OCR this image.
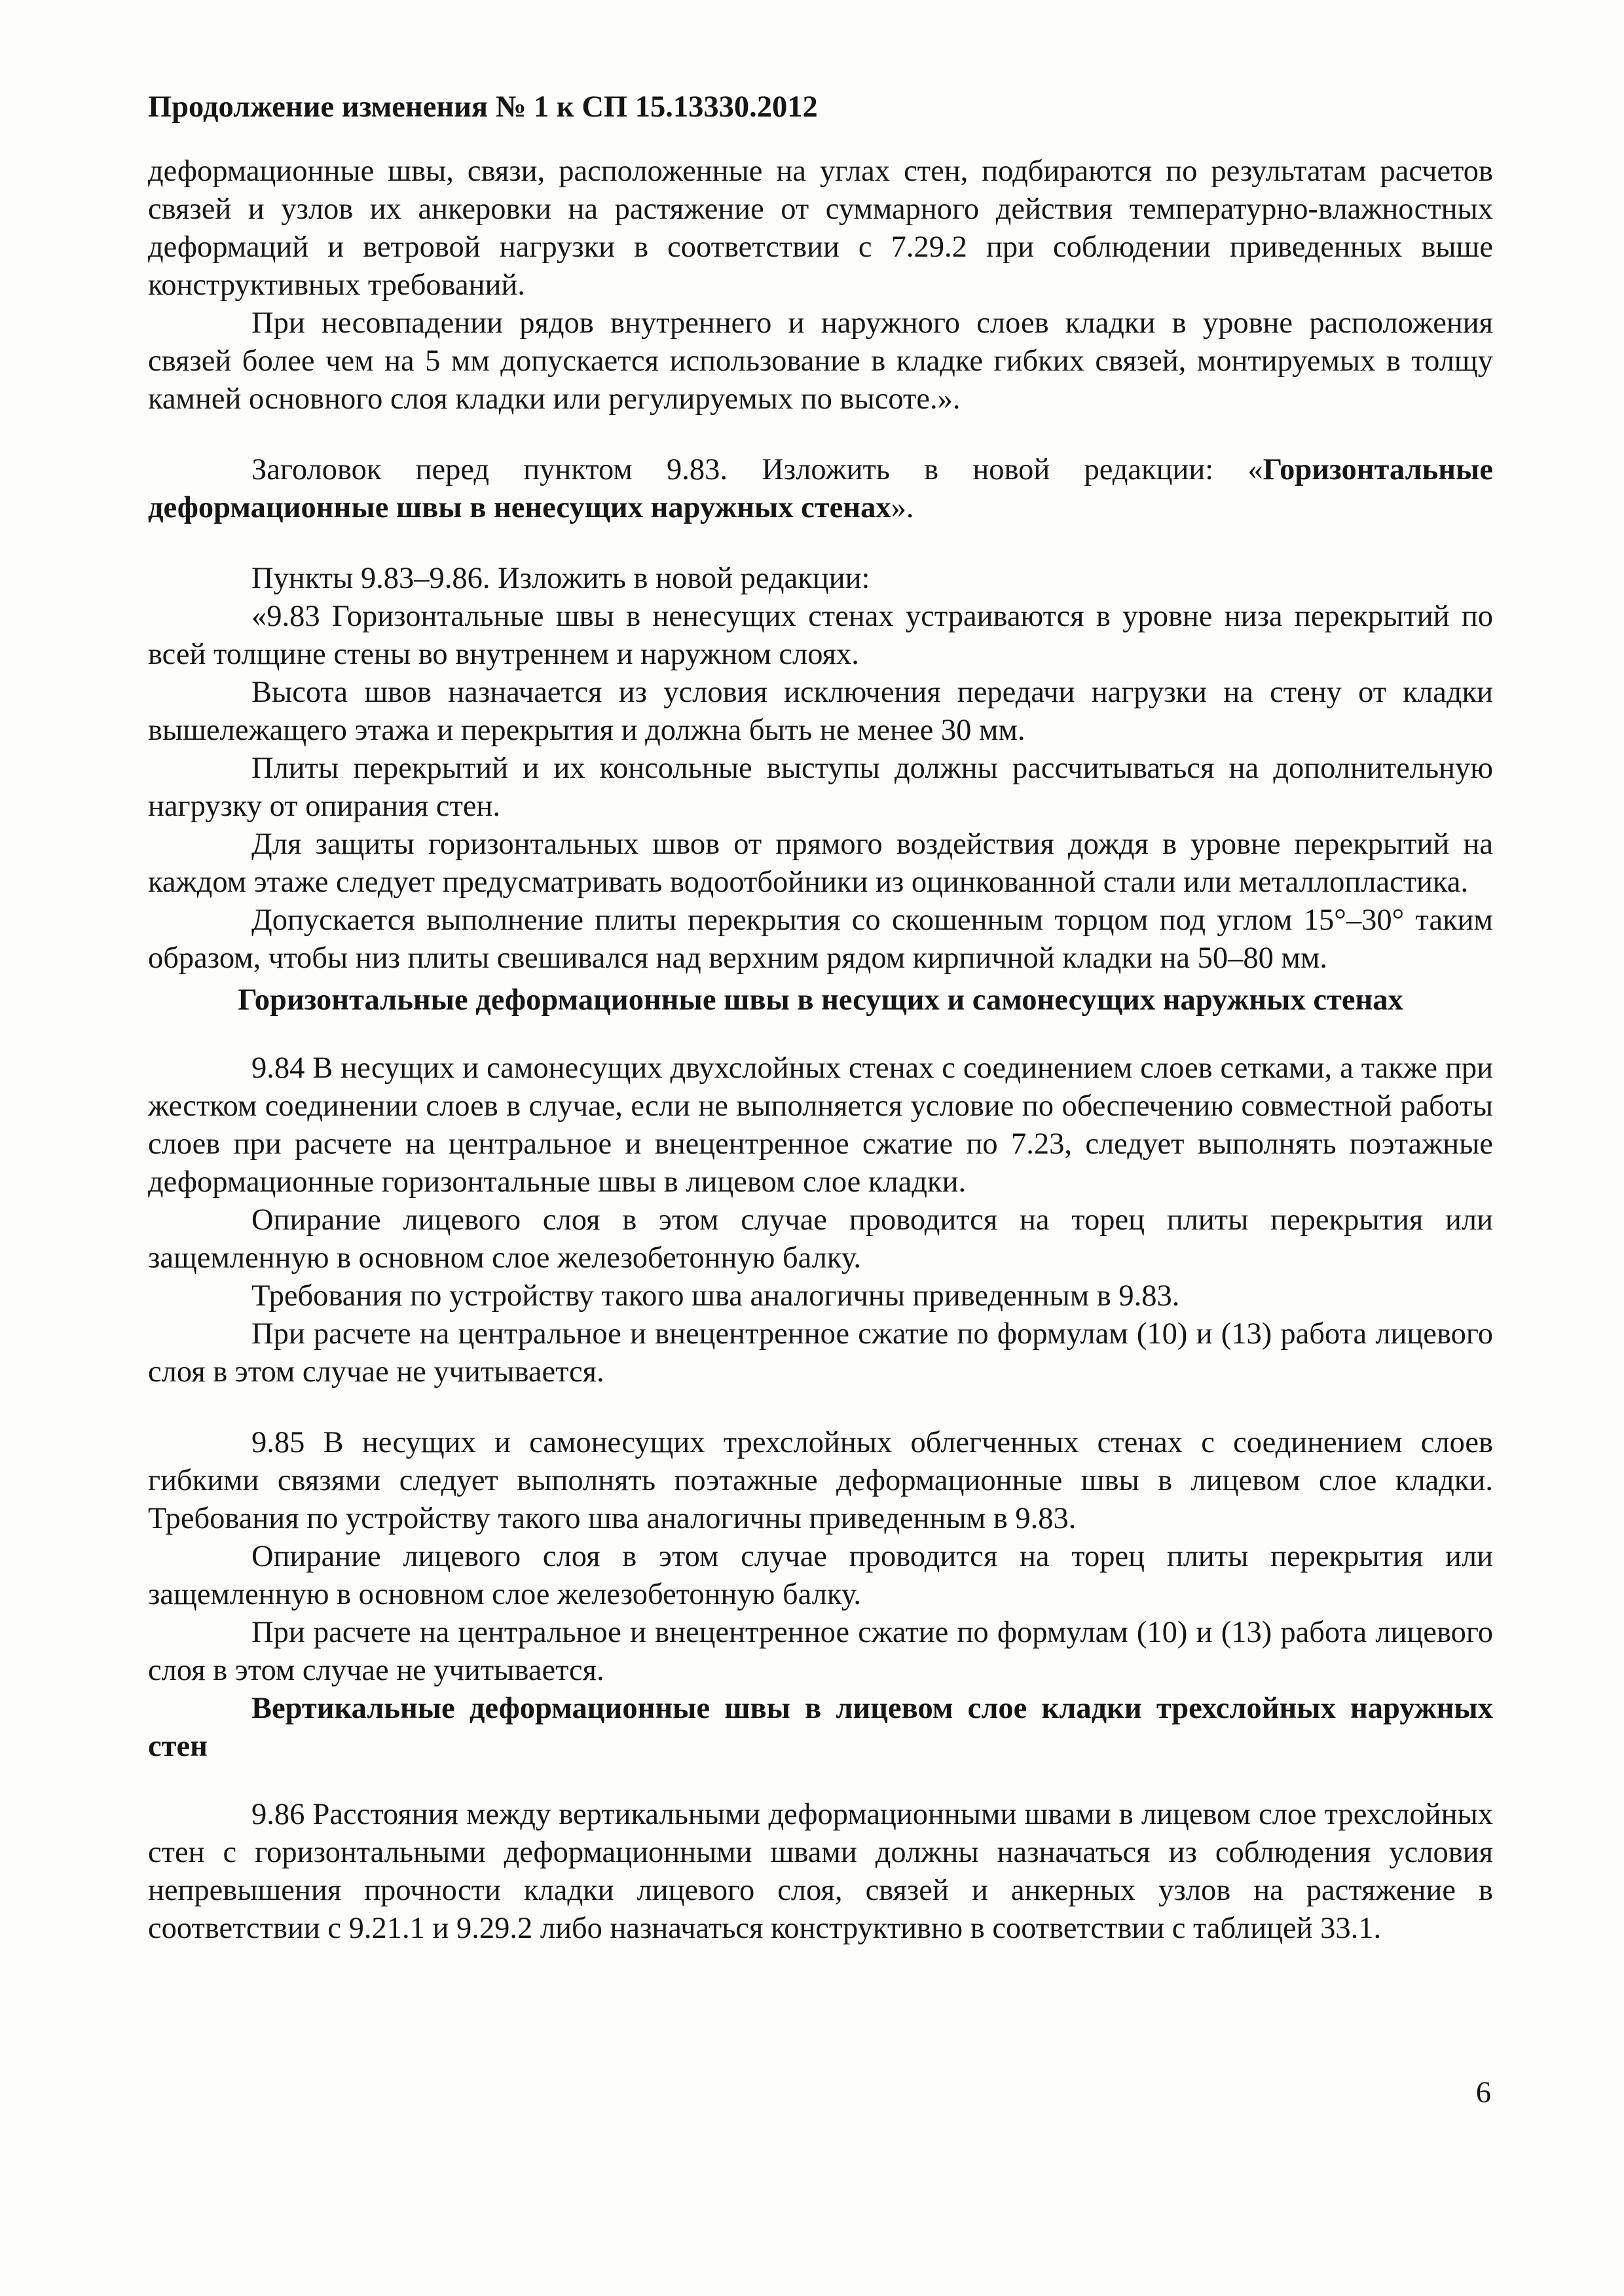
Продолжение изменения № 1 к СП 15.13330.2012

деформационные швы, связи, расположенные на углах стен, подбираются по результатам расчетов связей и узлов их анкеровки на растяжение от суммарного действия температурно-влажностных деформаций и ветровой нагрузки в соответствии с 7.29.2 при соблюдении приведенных выше конструктивных требований.

При несовпадении рядов внутреннего и наружного слоев кладки в уровне расположения связей более чем на 5 мм допускается использование в кладке гибких связей, монтируемых в толщу камней основного слоя кладки или регулируемых по высоте.».

Заголовок перед пунктом 9.83. Изложить в новой редакции: «Горизонтальные деформационные швы в ненесущих наружных стенах».

Пункты 9.83–9.86. Изложить в новой редакции:

«9.83 Горизонтальные швы в ненесущих стенах устраиваются в уровне низа перекрытий по всей толщине стены во внутреннем и наружном слоях.

Высота швов назначается из условия исключения передачи нагрузки на стену от кладки вышележащего этажа и перекрытия и должна быть не менее 30 мм.

Плиты перекрытий и их консольные выступы должны рассчитываться на дополнительную нагрузку от опирания стен.

Для защиты горизонтальных швов от прямого воздействия дождя в уровне перекрытий на каждом этаже следует предусматривать водоотбойники из оцинкованной стали или металлопластика.

Допускается выполнение плиты перекрытия со скошенным торцом под углом 15°–30° таким образом, чтобы низ плиты свешивался над верхним рядом кирпичной кладки на 50–80 мм.

Горизонтальные деформационные швы в несущих и самонесущих наружных стенах

9.84 В несущих и самонесущих двухслойных стенах с соединением слоев сетками, а также при жестком соединении слоев в случае, если не выполняется условие по обеспечению совместной работы слоев при расчете на центральное и внецентренное сжатие по 7.23, следует выполнять поэтажные деформационные горизонтальные швы в лицевом слое кладки.

Опирание лицевого слоя в этом случае проводится на торец плиты перекрытия или защемленную в основном слое железобетонную балку.

Требования по устройству такого шва аналогичны приведенным в 9.83.

При расчете на центральное и внецентренное сжатие по формулам (10) и (13) работа лицевого слоя в этом случае не учитывается.

9.85 В несущих и самонесущих трехслойных облегченных стенах с соединением слоев гибкими связями следует выполнять поэтажные деформационные швы в лицевом слое кладки. Требования по устройству такого шва аналогичны приведенным в 9.83.

Опирание лицевого слоя в этом случае проводится на торец плиты перекрытия или защемленную в основном слое железобетонную балку.

При расчете на центральное и внецентренное сжатие по формулам (10) и (13) работа лицевого слоя в этом случае не учитывается.

Вертикальные деформационные швы в лицевом слое кладки трехслойных наружных стен

9.86 Расстояния между вертикальными деформационными швами в лицевом слое трехслойных стен с горизонтальными деформационными швами должны назначаться из соблюдения условия непревышения прочности кладки лицевого слоя, связей и анкерных узлов на растяжение в соответствии с 9.21.1 и 9.29.2 либо назначаться конструктивно в соответствии с таблицей 33.1.

6
